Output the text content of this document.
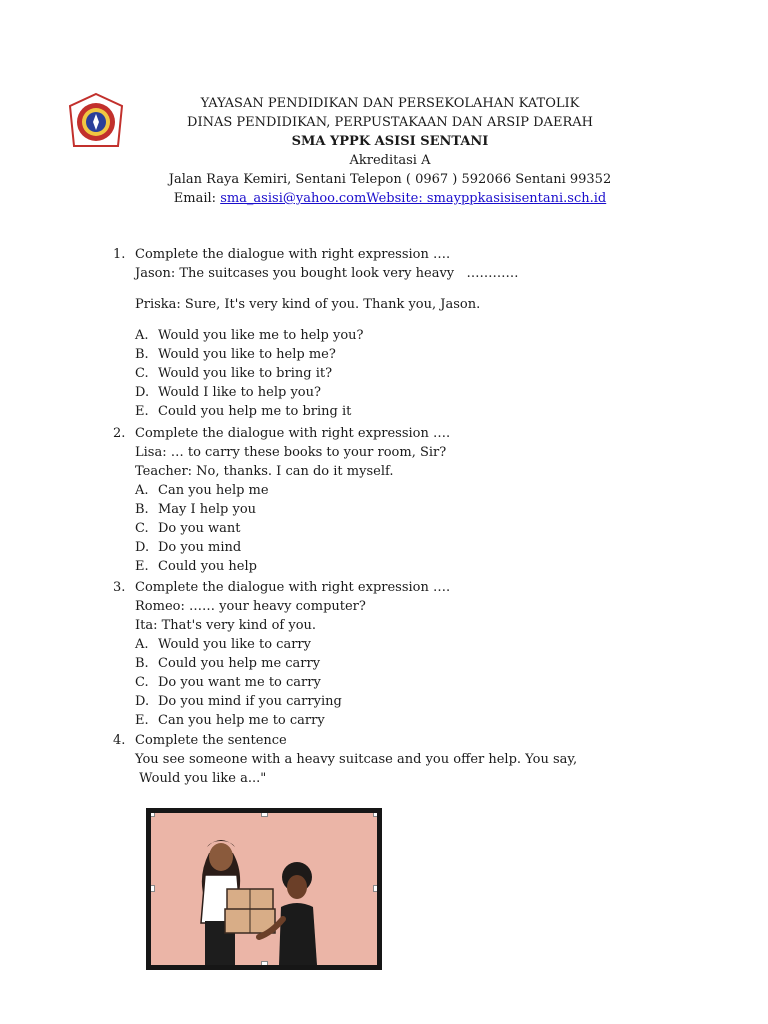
YAYASAN PENDIDIKAN DAN PERSEKOLAHAN KATOLIK
DINAS PENDIDIKAN, PERPUSTAKAAN DAN ARSIP DAERAH
SMA YPPK ASISI SENTANI
Akreditasi A
Jalan Raya Kemiri, Sentani Telepon ( 0967 ) 592066 Sentani 99352
Email: sma_asisi@yahoo.comWebsite: smayppkasisisentani.sch.id
1. Complete the dialogue with right expression ….
Jason: The suitcases you bought look very heavy   …………
Priska: Sure, It's very kind of you. Thank you, Jason.
A. Would you like me to help you?
B. Would you like to help me?
C. Would you like to bring it?
D. Would I like to help you?
E. Could you help me to bring it
2. Complete the dialogue with right expression ….
Lisa: … to carry these books to your room, Sir?
Teacher: No, thanks. I can do it myself.
A. Can you help me
B. May I help you
C. Do you want
D. Do you mind
E. Could you help
3. Complete the dialogue with right expression ….
Romeo: …… your heavy computer?
Ita: That's very kind of you.
A. Would you like to carry
B. Could you help me carry
C. Do you want me to carry
D. Do you mind if you carrying
E. Can you help me to carry
4. Complete the sentence
You see someone with a heavy suitcase and you offer help. You say,
Would you like a..."
